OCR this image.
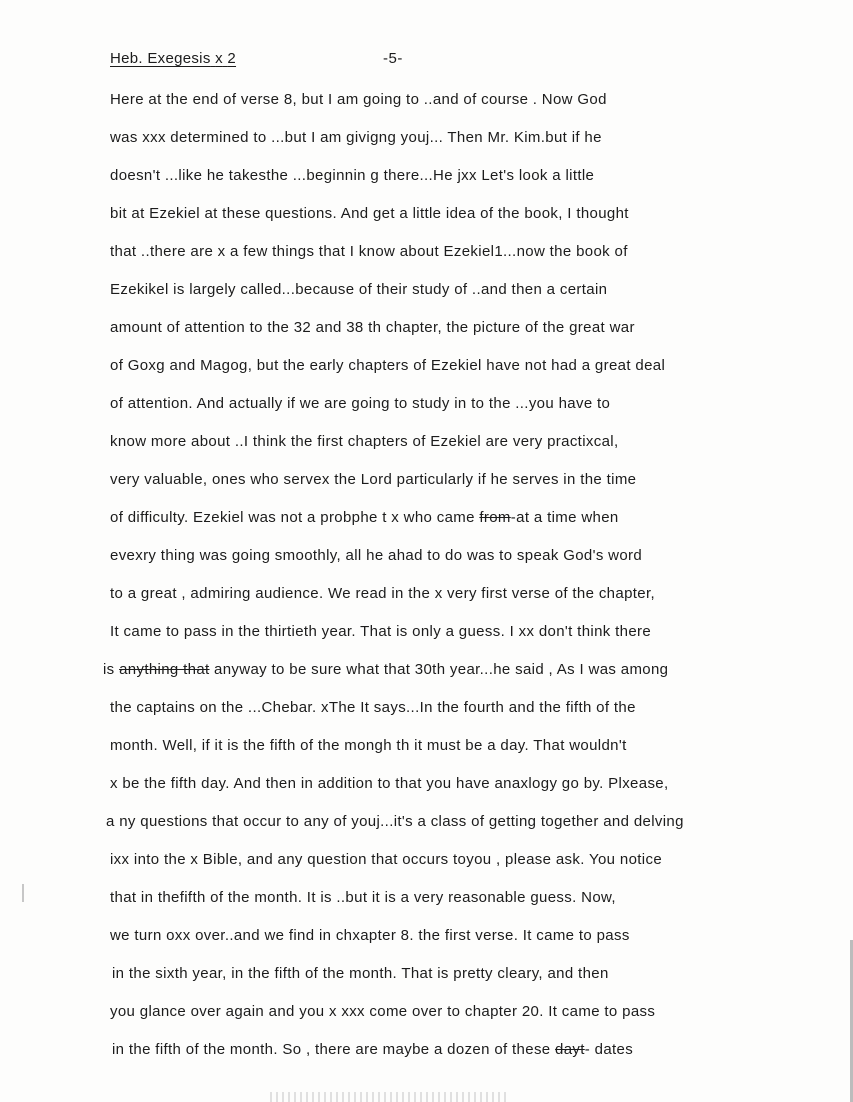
Heb. Exegesis x 2	-5-
Here at the end of verse 8, but I am going to ..and of course . Now God
was xxx determined to ...but I am givigng youj... Then Mr. Kim.but if he
doesn't ...like he takesthe ...beginnin g there...He jxx Let's look a little
bit at Ezekiel at these questions. And get a little idea of the book, I thought
that ..there are x a few things that I know about Ezekiel1...now the book of
Ezekikel is largely called...because of their study of ..and then a certain
amount of attention to the 32 and 38 th chapter, the picture of the great war
of Goxg and Magog, but the early chapters of Ezekiel have not had a great deal
of attention. And actually if we are going to study in to the ...you have to
know more about ..I think the first chapters of Ezekiel are very practixcal,
very valuable, ones who servex the Lord particularly if he serves in the time
of difficulty. Ezekiel was not a probphe t x who came from-at a time when
evexry thing was going smoothly, all he ahad to do was to speak God's word
to a great , admiring audience. We read in the x very first verse of the chapter,
It came to pass in the thirtieth year. That is only a guess. I xx don't think there
is anything that anyway to be sure what that 30th year...he said , As I was among
the captains on the ...Chebar. xThe It says...In the fourth and the fifth of the
month. Well, if it is the fifth of the mongh th it must be a day. That wouldn't
x be the fifth day. And then in addition to that you have anaxlogy go by. Plxease,
a ny questions that occur to any of youj...it's a class of getting together and delving
ixx into the x Bible, and any question that occurs toyou , please ask. You notice
that in thefifth of the month. It is ..but it is a very reasonable guess. Now,
we turn oxx over..and we find in chxapter 8. the first verse. It came to pass
in the sixth year, in the fifth of the month. That is pretty cleary, and then
you glance over again and you x xxx come over to chapter 20. It came to pass
in the fifth of the month. So , there are maybe a dozen of these dayt- dates
